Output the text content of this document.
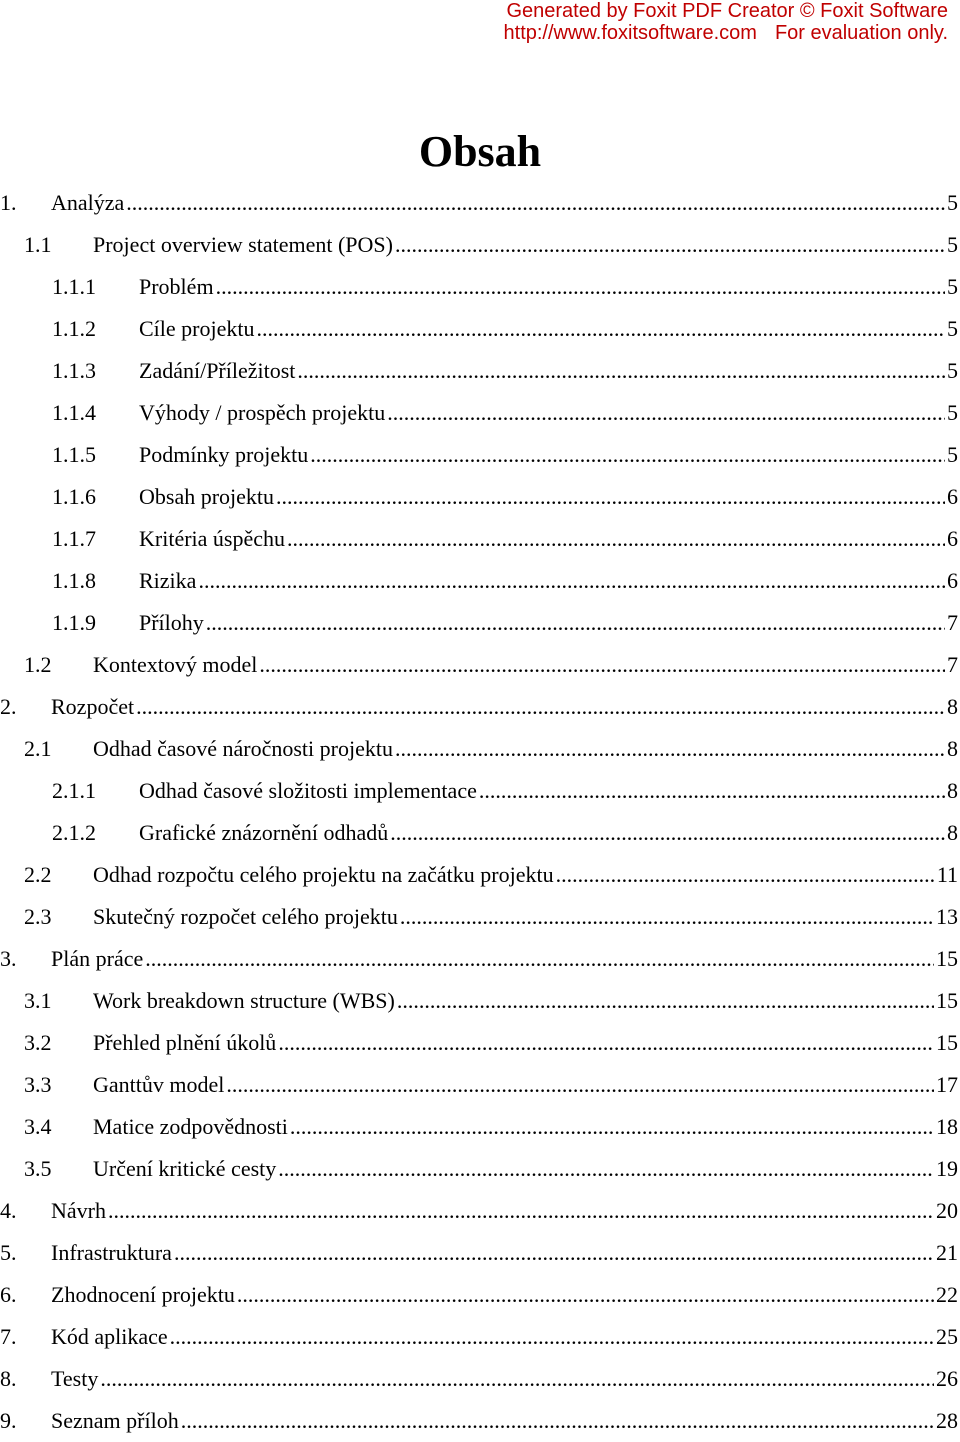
Generated by Foxit PDF Creator © Foxit Software
http://www.foxitsoftware.com For evaluation only.
Obsah
1.	Analýza .....	5
1.1	Project overview statement (POS) .....	5
1.1.1	Problém .....	5
1.1.2	Cíle projektu .....	5
1.1.3	Zadání/Příležitost .....	5
1.1.4	Výhody / prospěch projektu .....	5
1.1.5	Podmínky projektu .....	5
1.1.6	Obsah projektu .....	6
1.1.7	Kritéria úspěchu .....	6
1.1.8	Rizika .....	6
1.1.9	Přílohy .....	7
1.2	Kontextový model .....	7
2.	Rozpočet .....	8
2.1	Odhad časové náročnosti projektu .....	8
2.1.1	Odhad časové složitosti implementace .....	8
2.1.2	Grafické znázornění odhadů .....	8
2.2	Odhad rozpočtu celého projektu na začátku projektu .....	11
2.3	Skutečný rozpočet celého projektu .....	13
3.	Plán práce .....	15
3.1	Work breakdown structure (WBS) .....	15
3.2	Přehled plnění úkolů .....	15
3.3	Ganttův model .....	17
3.4	Matice zodpovědnosti .....	18
3.5	Určení kritické cesty .....	19
4.	Návrh .....	20
5.	Infrastruktura .....	21
6.	Zhodnocení projektu .....	22
7.	Kód aplikace .....	25
8.	Testy .....	26
9.	Seznam příloh .....	28
